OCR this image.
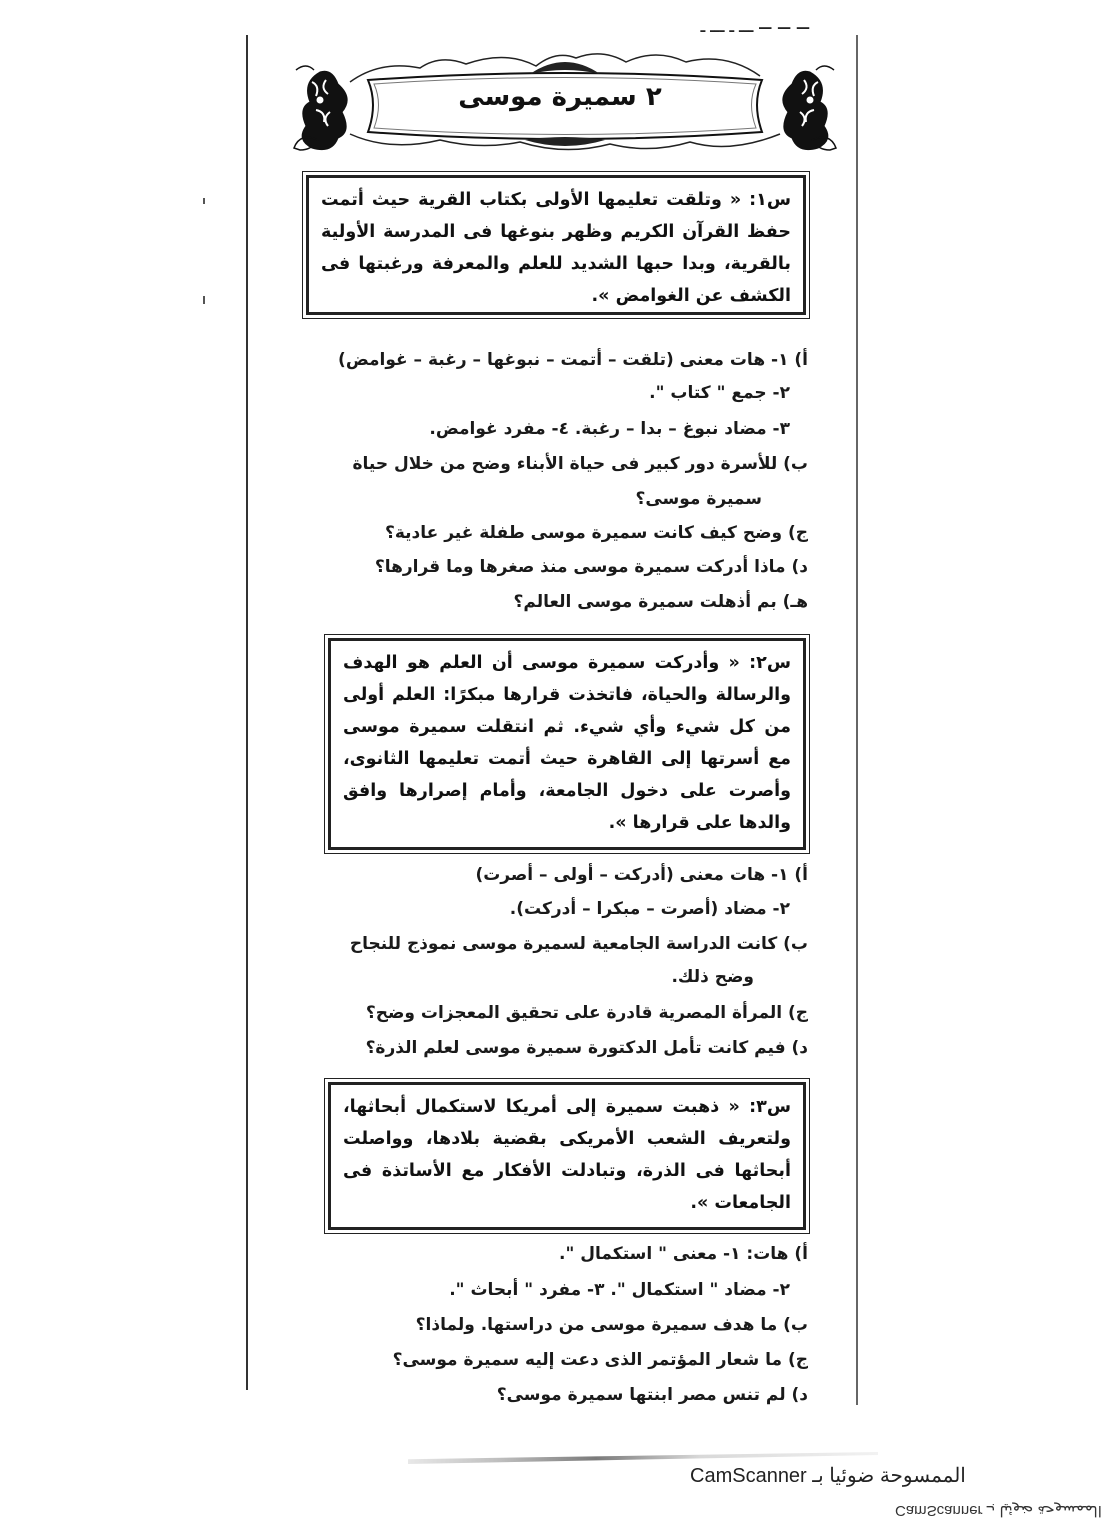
— — — ـــ ـ ـــ ـ
٢ سميرة موسى
س١: « وتلقت تعليمها الأولى بكتاب القرية حيث أتمت حفظ القرآن الكريم وظهر بنوغها فى المدرسة الأولية بالقرية، وبدا حبها الشديد للعلم والمعرفة ورغبتها فى الكشف عن الغوامض ».
أ) ١- هات معنى (تلقت – أتمت – نبوغها – رغبة – غوامض)
٢- جمع " كتاب ".
٣- مضاد نبوغ – بدا – رغبة. ٤- مفرد غوامض.
ب) للأسرة دور كبير فى حياة الأبناء وضح من خلال حياة
سميرة موسى؟
ج) وضح كيف كانت سميرة موسى طفلة غير عادية؟
د) ماذا أدركت سميرة موسى منذ صغرها وما قرارها؟
هـ) بم أذهلت سميرة موسى العالم؟
س٢: « وأدركت سميرة موسى أن العلم هو الهدف والرسالة والحياة، فاتخذت قرارها مبكرًا: العلم أولى من كل شيء وأي شيء. ثم انتقلت سميرة موسى مع أسرتها إلى القاهرة حيث أتمت تعليمها الثانوى، وأصرت على دخول الجامعة، وأمام إصرارها وافق والدها على قرارها ».
أ) ١- هات معنى (أدركت – أولى – أصرت)
٢- مضاد (أصرت – مبكرا – أدركت).
ب) كانت الدراسة الجامعية لسميرة موسى نموذج للنجاح
وضح ذلك.
ج) المرأة المصرية قادرة على تحقيق المعجزات وضح؟
د) فيم كانت تأمل الدكتورة سميرة موسى لعلم الذرة؟
س٣: « ذهبت سميرة إلى أمريكا لاستكمال أبحاثها، ولتعريف الشعب الأمريكى بقضية بلادها، وواصلت أبحاثها فى الذرة، وتبادلت الأفكار مع الأساتذة فى الجامعات ».
أ) هات: ١- معنى " استكمال ".
٢- مضاد " استكمال ". ٣- مفرد " أبحاث ".
ب) ما هدف سميرة موسى من دراستها. ولماذا؟
ج) ما شعار المؤتمر الذى دعت إليه سميرة موسى؟
د) لم تنس مصر ابنتها سميرة موسى؟
الممسوحة ضوئيا بـ CamScanner
الممسوحة ضوئيا بـ CamScanner
